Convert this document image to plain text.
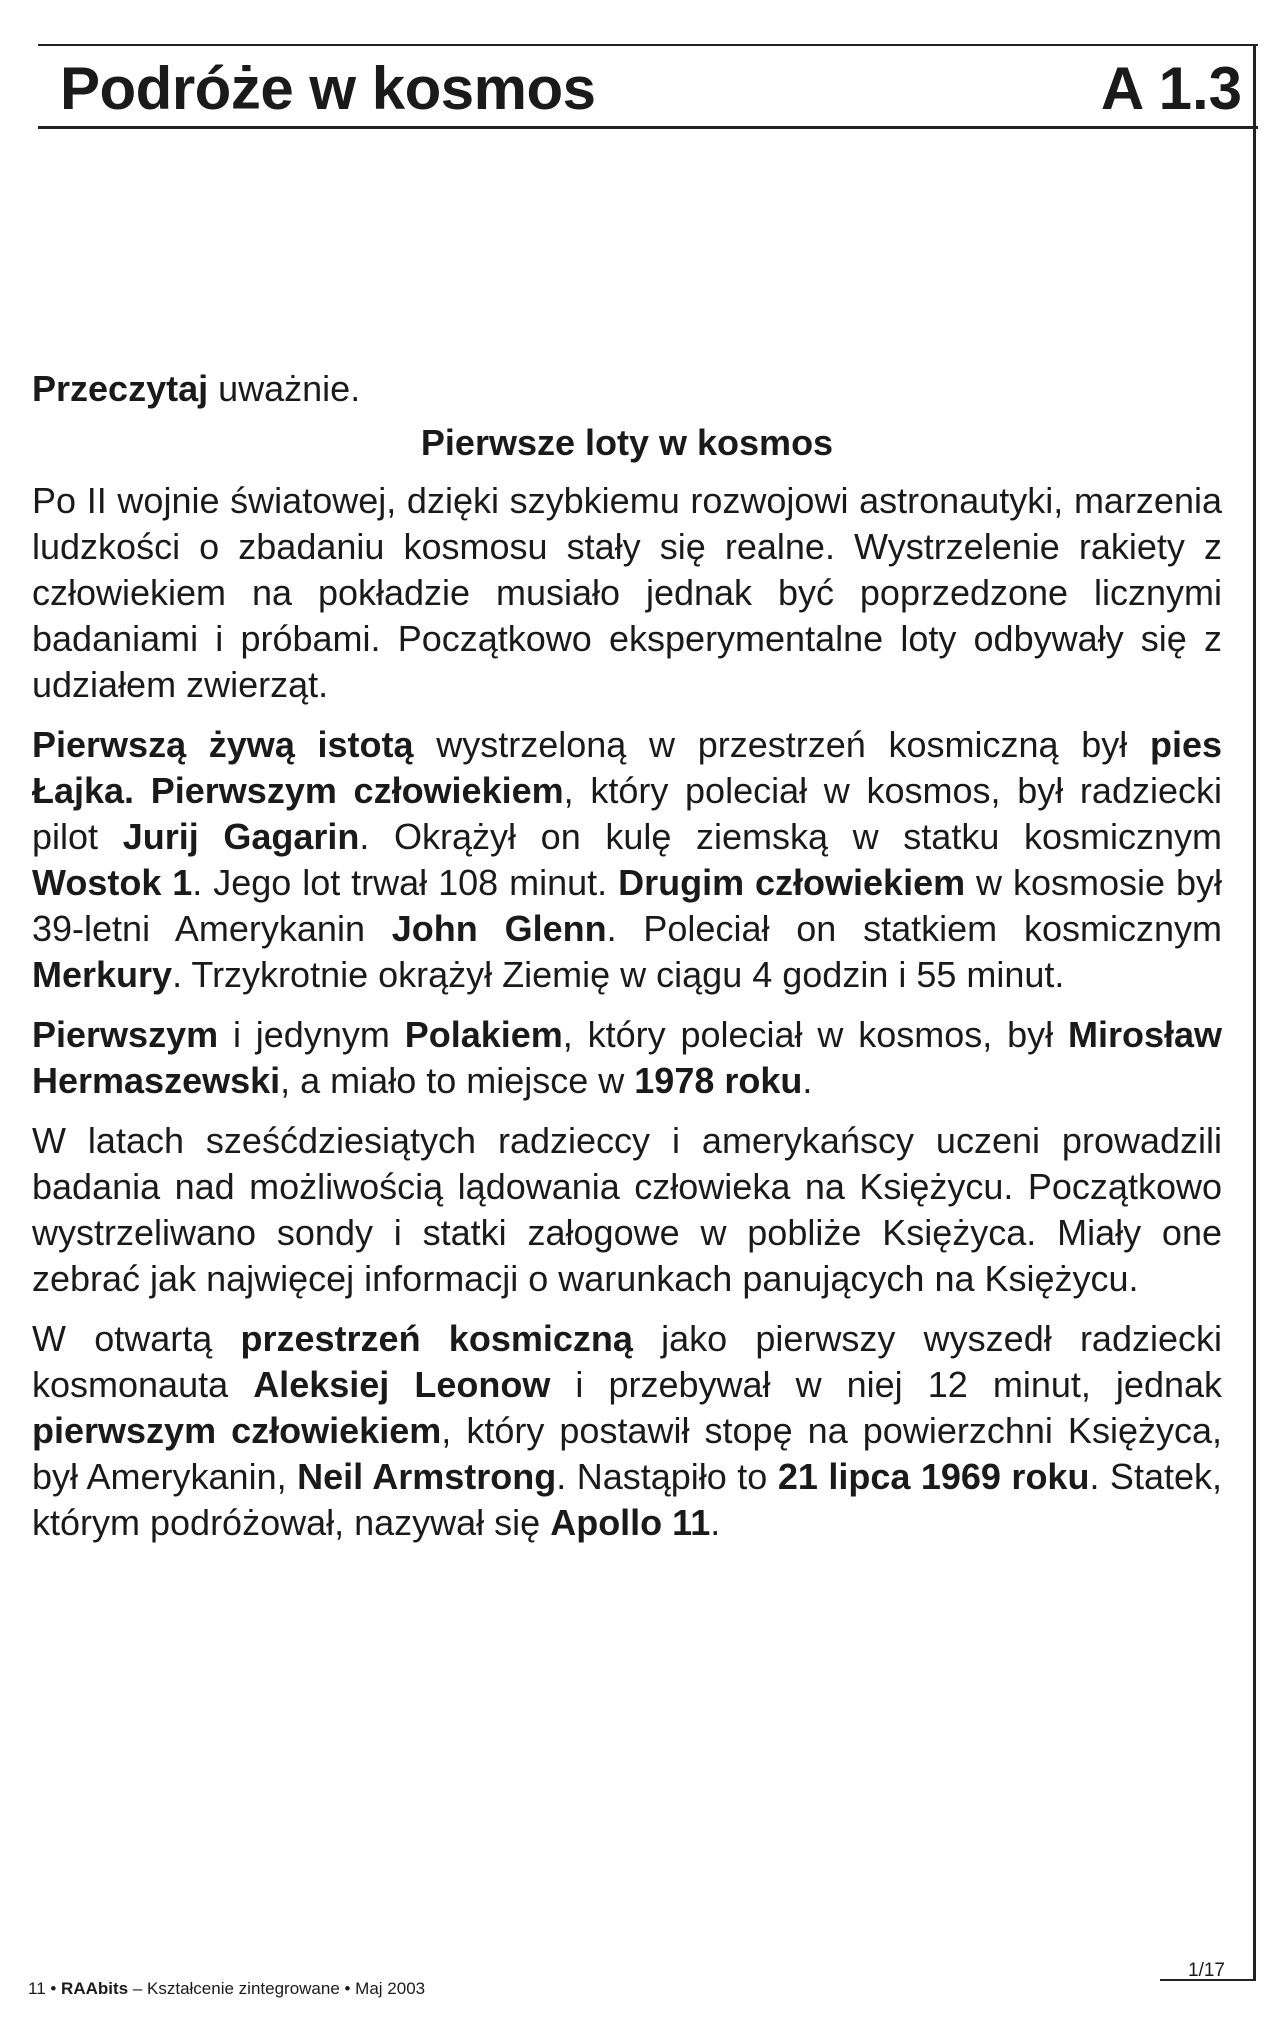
Podróże w kosmos	A 1.3

Przeczytaj uważnie.

Pierwsze loty w kosmos

Po II wojnie światowej, dzięki szybkiemu rozwojowi astronautyki, marzenia ludzkości o zbadaniu kosmosu stały się realne. Wystrzelenie rakiety z człowiekiem na pokładzie musiało jednak być poprzedzone licznymi badaniami i próbami. Początkowo eksperymentalne loty odbywały się z udziałem zwierząt.

Pierwszą żywą istotą wystrzeloną w przestrzeń kosmiczną był pies Łajka. Pierwszym człowiekiem, który poleciał w kosmos, był radziecki pilot Jurij Gagarin. Okrążył on kulę ziemską w statku kosmicznym Wostok 1. Jego lot trwał 108 minut. Drugim człowiekiem w kosmosie był 39-letni Amerykanin John Glenn. Poleciał on statkiem kosmicznym Merkury. Trzykrotnie okrążył Ziemię w ciągu 4 godzin i 55 minut.

Pierwszym i jedynym Polakiem, który poleciał w kosmos, był Mirosław Hermaszewski, a miało to miejsce w 1978 roku.

W latach sześćdziesiątych radzieccy i amerykańscy uczeni prowadzili badania nad możliwością lądowania człowieka na Księżycu. Początkowo wystrzeliwano sondy i statki załogowe w pobliże Księżyca. Miały one zebrać jak najwięcej informacji o warunkach panujących na Księżycu.

W otwartą przestrzeń kosmiczną jako pierwszy wyszedł radziecki kosmonauta Aleksiej Leonow i przebywał w niej 12 minut, jednak pierwszym człowiekiem, który postawił stopę na powierzchni Księżyca, był Amerykanin, Neil Armstrong. Nastąpiło to 21 lipca 1969 roku. Statek, którym podróżował, nazywał się Apollo 11.

11 • RAAbits – Kształcenie zintegrowane • Maj 2003
1/17
